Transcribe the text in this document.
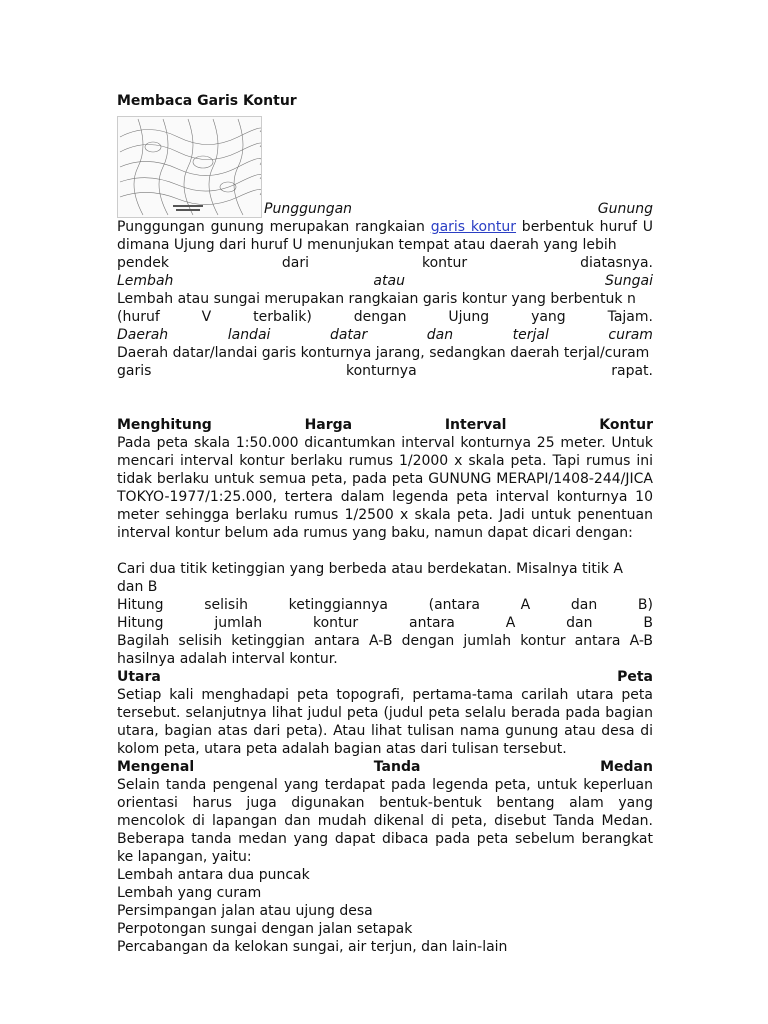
Membaca Garis Kontur
Punggungan	Gunung
Punggungan gunung merupakan rangkaian garis kontur berbentuk huruf U dimana Ujung dari huruf U menunjukan tempat atau daerah yang lebih
pendek	dari	kontur	diatasnya.
Lembah	atau	Sungai
Lembah atau sungai merupakan rangkaian garis kontur yang berbentuk n
(huruf	V	terbalik)	dengan	Ujung	yang	Tajam.
Daerah	landai	datar	dan	terjal	curam
Daerah datar/landai garis konturnya jarang, sedangkan daerah terjal/curam
garis	konturnya	rapat.
Menghitung	Harga	Interval	Kontur
Pada peta skala 1:50.000 dicantumkan interval konturnya 25 meter. Untuk mencari interval kontur berlaku rumus 1/2000 x skala peta. Tapi rumus ini tidak berlaku untuk semua peta, pada peta GUNUNG MERAPI/1408-244/JICA TOKYO-1977/1:25.000, tertera dalam legenda peta interval konturnya 10 meter sehingga berlaku rumus 1/2500 x skala peta. Jadi untuk penentuan interval kontur belum ada rumus yang baku, namun dapat dicari dengan:
Cari dua titik ketinggian yang berbeda atau berdekatan. Misalnya titik A dan B
Hitung	selisih	ketinggiannya	(antara	A	dan	B)
Hitung	jumlah	kontur	antara	A	dan	B
Bagilah selisih ketinggian antara A-B dengan jumlah kontur antara A-B hasilnya adalah interval kontur.
Utara	Peta
Setiap kali menghadapi peta topografi, pertama-tama carilah utara peta tersebut. selanjutnya lihat judul peta (judul peta selalu berada pada bagian utara, bagian atas dari peta). Atau lihat tulisan nama gunung atau desa di kolom peta, utara peta adalah bagian atas dari tulisan tersebut.
Mengenal	Tanda	Medan
Selain tanda pengenal yang terdapat pada legenda peta, untuk keperluan orientasi harus juga digunakan bentuk-bentuk bentang alam yang mencolok di lapangan dan mudah dikenal di peta, disebut Tanda Medan. Beberapa tanda medan yang dapat dibaca pada peta sebelum berangkat ke lapangan, yaitu:
Lembah antara dua puncak
Lembah yang curam
Persimpangan jalan atau ujung desa
Perpotongan sungai dengan jalan setapak
Percabangan da kelokan sungai, air terjun, dan lain-lain
